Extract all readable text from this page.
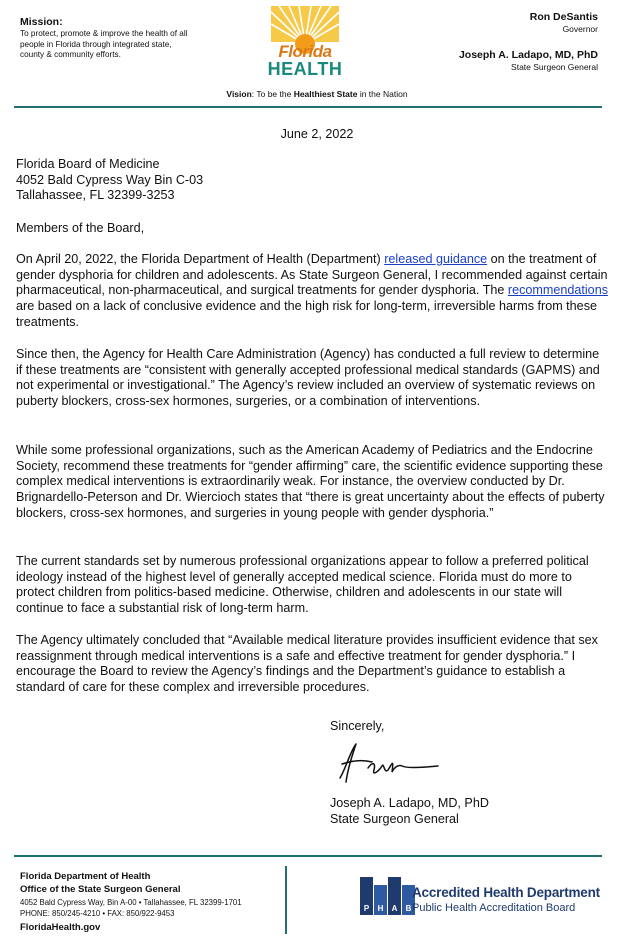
Mission:
To protect, promote & improve the health of all people in Florida through integrated state, county & community efforts.	Florida
HEALTH
Ron DeSantis
Governor
Joseph A. Ladapo, MD, PhD
State Surgeon General
Vision: To be the Healthiest State in the Nation
June 2, 2022
Florida Board of Medicine
4052 Bald Cypress Way Bin C-03
Tallahassee, FL 32399-3253
Members of the Board,

On April 20, 2022, the Florida Department of Health (Department) released guidance on the treatment of gender dysphoria for children and adolescents. As State Surgeon General, I recommended against certain pharmaceutical, non-pharmaceutical, and surgical treatments for gender dysphoria. The recommendations are based on a lack of conclusive evidence and the high risk for long-term, irreversible harms from these treatments.

Since then, the Agency for Health Care Administration (Agency) has conducted a full review to determine if these treatments are “consistent with generally accepted professional medical standards (GAPMS) and not experimental or investigational.” The Agency’s review included an overview of systematic reviews on puberty blockers, cross-sex hormones, surgeries, or a combination of interventions.

While some professional organizations, such as the American Academy of Pediatrics and the Endocrine Society, recommend these treatments for “gender affirming” care, the scientific evidence supporting these complex medical interventions is extraordinarily weak. For instance, the overview conducted by Dr. Brignardello-Peterson and Dr. Wiercioch states that “there is great uncertainty about the effects of puberty blockers, cross-sex hormones, and surgeries in young people with gender dysphoria.”

The current standards set by numerous professional organizations appear to follow a preferred political ideology instead of the highest level of generally accepted medical science. Florida must do more to protect children from politics-based medicine. Otherwise, children and adolescents in our state will continue to face a substantial risk of long-term harm.

The Agency ultimately concluded that “Available medical literature provides insufficient evidence that sex reassignment through medical interventions is a safe and effective treatment for gender dysphoria.” I encourage the Board to review the Agency’s findings and the Department’s guidance to establish a standard of care for these complex and irreversible procedures.

Sincerely,
Joseph A. Ladapo, MD, PhD
State Surgeon General
Florida Department of Health
Office of the State Surgeon General
4052 Bald Cypress Way, Bin A-00 • Tallahassee, FL 32399-1701
PHONE: 850/245-4210 • FAX: 850/922-9453
FloridaHealth.gov
P	H	A	B
Accredited Health Department
Public Health Accreditation Board
